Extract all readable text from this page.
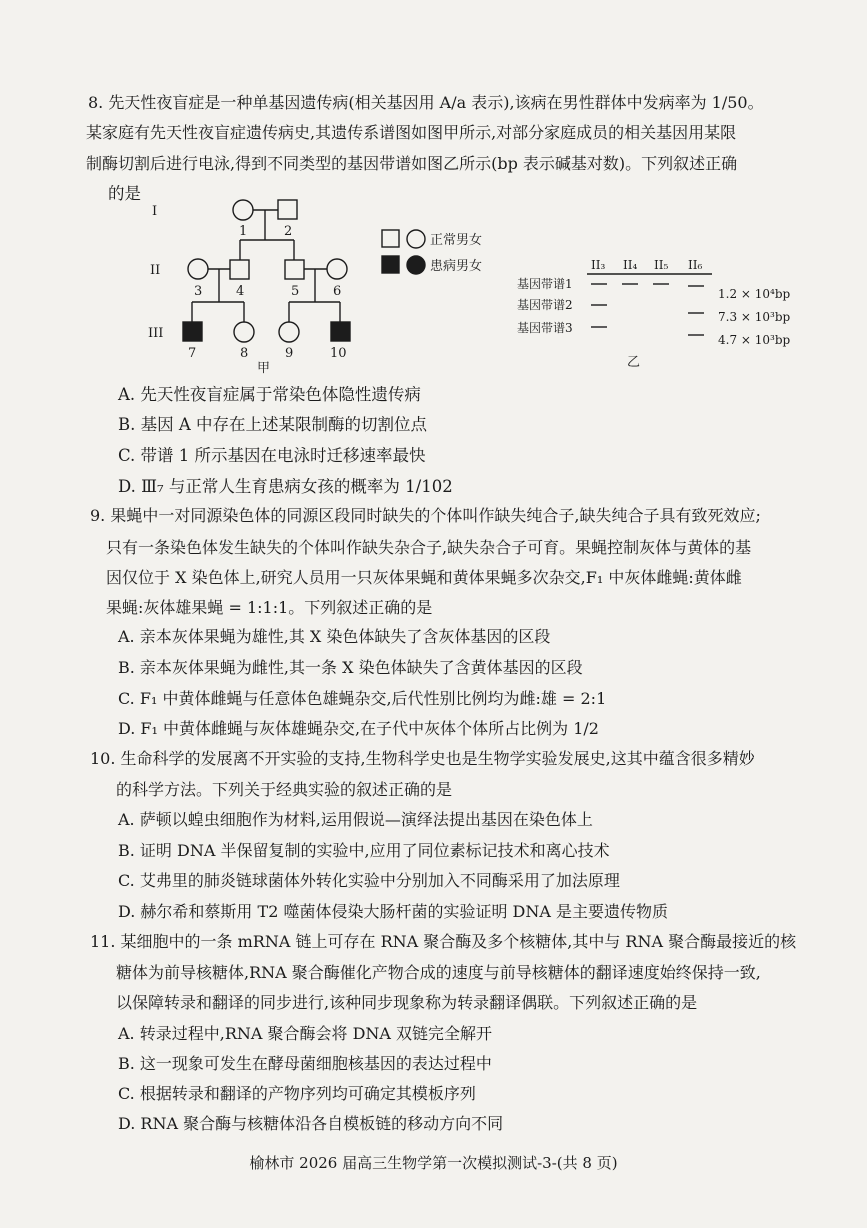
8. 先天性夜盲症是一种单基因遗传病(相关基因用 A/a 表示),该病在男性群体中发病率为 1/50。
某家庭有先天性夜盲症遗传病史,其遗传系谱图如图甲所示,对部分家庭成员的相关基因用某限
制酶切割后进行电泳,得到不同类型的基因带谱如图乙所示(bp 表示碱基对数)。下列叙述正确
的是
I
II
III
1	2
3	4	5	6
7	8	9	10
甲
正常男女
患病男女	II₃ II₄ II₅ II₆
基因带谱1
基因带谱2
基因带谱3
1.2 × 10⁴bp
7.3 × 10³bp
4.7 × 10³bp
乙
A. 先天性夜盲症属于常染色体隐性遗传病
B. 基因 A 中存在上述某限制酶的切割位点
C. 带谱 1 所示基因在电泳时迁移速率最快
D. Ⅲ₇ 与正常人生育患病女孩的概率为 1/102
9. 果蝇中一对同源染色体的同源区段同时缺失的个体叫作缺失纯合子,缺失纯合子具有致死效应;
只有一条染色体发生缺失的个体叫作缺失杂合子,缺失杂合子可育。果蝇控制灰体与黄体的基
因仅位于 X 染色体上,研究人员用一只灰体果蝇和黄体果蝇多次杂交,F₁ 中灰体雌蝇:黄体雌
果蝇:灰体雄果蝇 = 1:1:1。下列叙述正确的是
A. 亲本灰体果蝇为雄性,其 X 染色体缺失了含灰体基因的区段
B. 亲本灰体果蝇为雌性,其一条 X 染色体缺失了含黄体基因的区段
C. F₁ 中黄体雌蝇与任意体色雄蝇杂交,后代性别比例均为雌:雄 = 2:1
D. F₁ 中黄体雌蝇与灰体雄蝇杂交,在子代中灰体个体所占比例为 1/2
10. 生命科学的发展离不开实验的支持,生物科学史也是生物学实验发展史,这其中蕴含很多精妙
的科学方法。下列关于经典实验的叙述正确的是
A. 萨顿以蝗虫细胞作为材料,运用假说—演绎法提出基因在染色体上
B. 证明 DNA 半保留复制的实验中,应用了同位素标记技术和离心技术
C. 艾弗里的肺炎链球菌体外转化实验中分别加入不同酶采用了加法原理
D. 赫尔希和蔡斯用 T2 噬菌体侵染大肠杆菌的实验证明 DNA 是主要遗传物质
11. 某细胞中的一条 mRNA 链上可存在 RNA 聚合酶及多个核糖体,其中与 RNA 聚合酶最接近的核
糖体为前导核糖体,RNA 聚合酶催化产物合成的速度与前导核糖体的翻译速度始终保持一致,
以保障转录和翻译的同步进行,该种同步现象称为转录翻译偶联。下列叙述正确的是
A. 转录过程中,RNA 聚合酶会将 DNA 双链完全解开
B. 这一现象可发生在酵母菌细胞核基因的表达过程中
C. 根据转录和翻译的产物序列均可确定其模板序列
D. RNA 聚合酶与核糖体沿各自模板链的移动方向不同
榆林市 2026 届高三生物学第一次模拟测试-3-(共 8 页)
